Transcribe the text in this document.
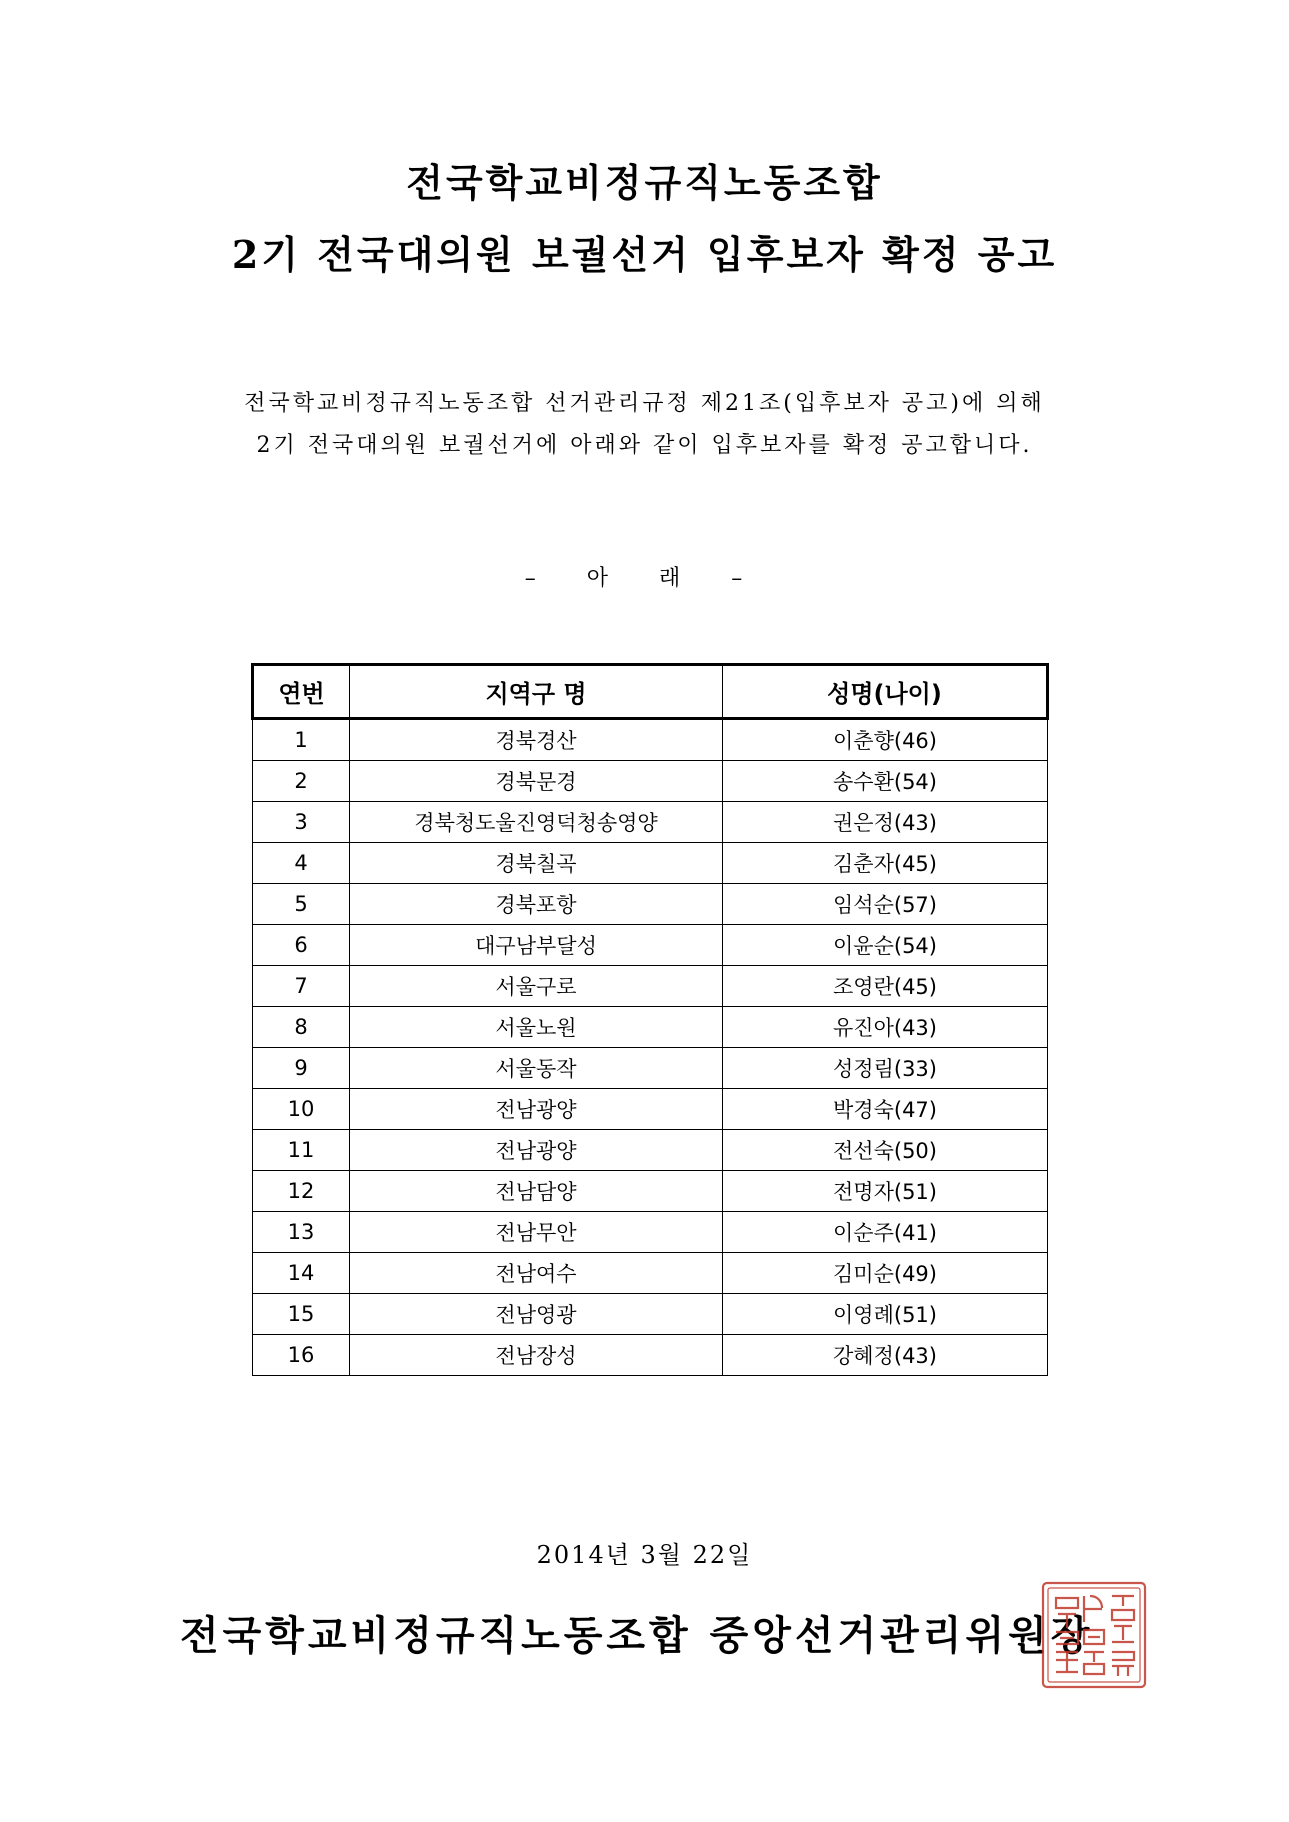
전국학교비정규직노동조합
2기 전국대의원 보궐선거 입후보자 확정 공고
전국학교비정규직노동조합 선거관리규정 제21조(입후보자 공고)에 의해
2기 전국대의원 보궐선거에 아래와 같이 입후보자를 확정 공고합니다.
– 아 래 –
연번	지역구 명	성명(나이)
1	경북경산	이춘향(46)
2	경북문경	송수환(54)
3	경북청도울진영덕청송영양	권은정(43)
4	경북칠곡	김춘자(45)
5	경북포항	임석순(57)
6	대구남부달성	이윤순(54)
7	서울구로	조영란(45)
8	서울노원	유진아(43)
9	서울동작	성정림(33)
10	전남광양	박경숙(47)
11	전남광양	전선숙(50)
12	전남담양	전명자(51)
13	전남무안	이순주(41)
14	전남여수	김미순(49)
15	전남영광	이영례(51)
16	전남장성	강혜정(43)
2014년 3월 22일
전국학교비정규직노동조합 중앙선거관리위원장
